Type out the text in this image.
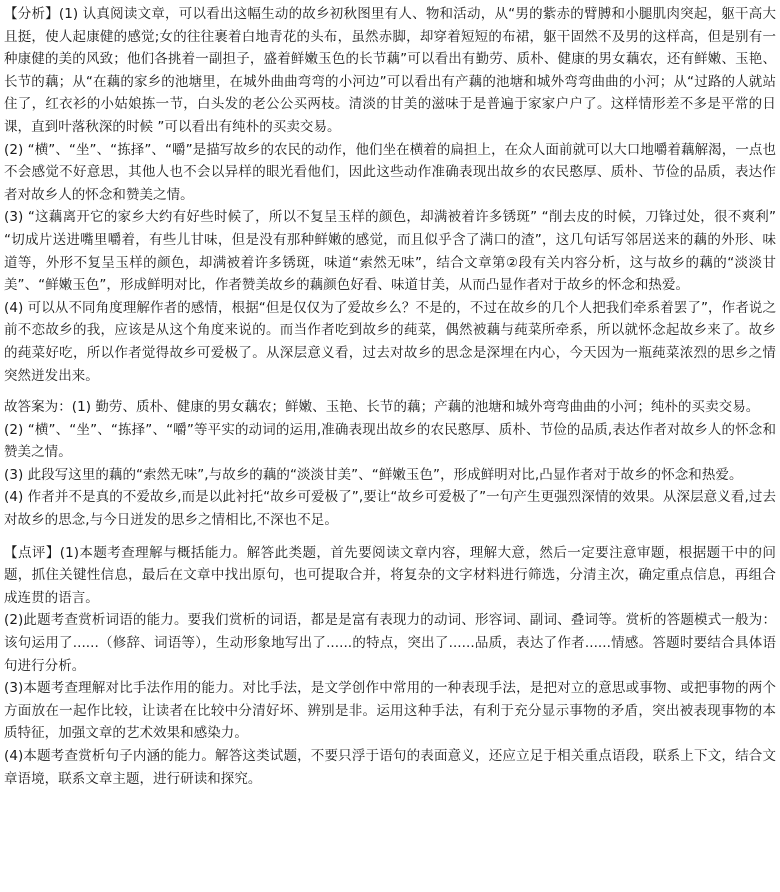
【分析】(1) 认真阅读文章，可以看出这幅生动的故乡初秋图里有人、物和活动，从“男的紫赤的臂膊和小腿肌肉突起，躯干高大且挺，使人起康健的感觉;女的往往裹着白地青花的头布，虽然赤脚，却穿着短短的布裙，躯干固然不及男的这样高，但是别有一种康健的美的风致；他们各挑着一副担子，盛着鲜嫩玉色的长节藕”可以看出有勤劳、质朴、健康的男女藕农，还有鲜嫩、玉艳、长节的藕；从“在藕的家乡的池塘里，在城外曲曲弯弯的小河边”可以看出有产藕的池塘和城外弯弯曲曲的小河；从“过路的人就站住了，红衣衫的小姑娘拣一节，白头发的老公公买两枝。清淡的甘美的滋味于是普遍于家家户户了。这样情形差不多是平常的日课，直到叶落秋深的时候 ”可以看出有纯朴的买卖交易。

(2) “横”、“坐”、“拣择”、“嚼”是描写故乡的农民的动作，他们坐在横着的扁担上，在众人面前就可以大口地嚼着藕解渴，一点也不会感觉不好意思，其他人也不会以异样的眼光看他们，因此这些动作准确表现出故乡的农民憨厚、质朴、节俭的品质，表达作者对故乡人的怀念和赞美之情。

(3) “这藕离开它的家乡大约有好些时候了，所以不复呈玉样的颜色，却满被着许多锈斑” “削去皮的时候，刀锋过处，很不爽利” “切成片送进嘴里嚼着，有些儿甘味，但是没有那种鲜嫩的感觉，而且似乎含了满口的渣”，这几句话写邻居送来的藕的外形、味道等，外形不复呈玉样的颜色，却满被着许多锈斑，味道“索然无味”，结合文章第②段有关内容分析，这与故乡的藕的“淡淡甘美”、“鲜嫩玉色”，形成鲜明对比，作者赞美故乡的藕颜色好看、味道甘美，从而凸显作者对于故乡的怀念和热爱。

(4) 可以从不同角度理解作者的感情，根据“但是仅仅为了爱故乡么？不是的，不过在故乡的几个人把我们牵系着罢了”，作者说之前不恋故乡的我，应该是从这个角度来说的。而当作者吃到故乡的莼菜，偶然被藕与莼菜所牵系，所以就怀念起故乡来了。故乡的莼菜好吃，所以作者觉得故乡可爱极了。从深层意义看，过去对故乡的思念是深埋在内心，今天因为一瓶莼菜浓烈的思乡之情突然迸发出来。

故答案为：(1) 勤劳、质朴、健康的男女藕农；鲜嫩、玉艳、长节的藕；产藕的池塘和城外弯弯曲曲的小河；纯朴的买卖交易。

(2) “横”、“坐”、“拣择”、“嚼”等平实的动词的运用,准确表现出故乡的农民憨厚、质朴、节俭的品质,表达作者对故乡人的怀念和赞美之情。

(3) 此段写这里的藕的“索然无味”,与故乡的藕的“淡淡甘美”、“鲜嫩玉色”，形成鲜明对比,凸显作者对于故乡的怀念和热爱。

(4) 作者并不是真的不爱故乡,而是以此衬托“故乡可爱极了”,要让“故乡可爱极了”一句产生更强烈深情的效果。从深层意义看,过去对故乡的思念,与今日迸发的思乡之情相比,不深也不足。

【点评】(1)本题考查理解与概括能力。解答此类题，首先要阅读文章内容，理解大意，然后一定要注意审题，根据题干中的问题，抓住关键性信息，最后在文章中找出原句，也可提取合并，将复杂的文字材料进行筛选，分清主次，确定重点信息，再组合成连贯的语言。

(2)此题考查赏析词语的能力。要我们赏析的词语，都是是富有表现力的动词、形容词、副词、叠词等。赏析的答题模式一般为：该句运用了......（修辞、词语等），生动形象地写出了......的特点，突出了......品质，表达了作者......情感。答题时要结合具体语句进行分析。

(3)本题考查理解对比手法作用的能力。对比手法，是文学创作中常用的一种表现手法，是把对立的意思或事物、或把事物的两个方面放在一起作比较，让读者在比较中分清好坏、辨别是非。运用这种手法，有利于充分显示事物的矛盾，突出被表现事物的本质特征，加强文章的艺术效果和感染力。

(4)本题考查赏析句子内涵的能力。解答这类试题，不要只浮于语句的表面意义，还应立足于相关重点语段，联系上下文，结合文章语境，联系文章主题，进行研读和探究。
